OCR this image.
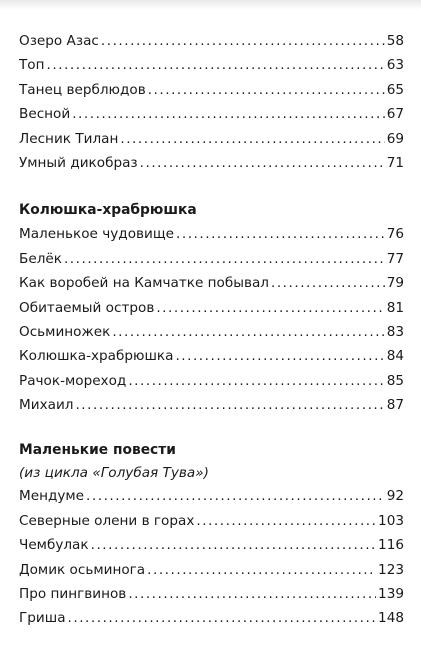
Озеро Азас . . .	58
Топ . . .	63
Танец верблюдов . . .	65
Весной . . .	67
Лесник Тилан . . .	69
Умный дикобраз . . .	71
Колюшка-храбрюшка
Маленькое чудовище . . .	76
Белёк . . .	77
Как воробей на Камчатке побывал . . .	79
Обитаемый остров . . .	81
Осьминожек . . .	83
Колюшка-храбрюшка . . .	84
Рачок-мореход . . .	85
Михаил . . .	87
Маленькие повести
(из цикла «Голубая Тува»)
Мендуме . . .	92
Северные олени в горах . . .	103
Чембулак . . .	116
Домик осьминога . . .	123
Про пингвинов . . .	139
Гриша . . .	148
